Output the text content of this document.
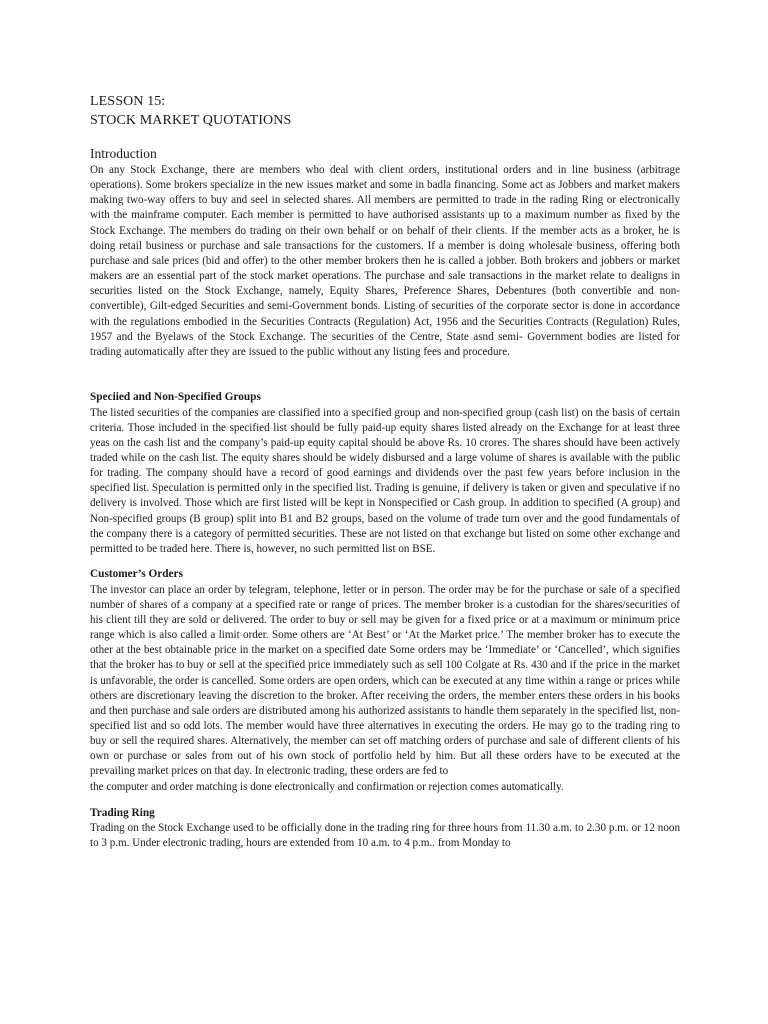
LESSON 15:
STOCK MARKET QUOTATIONS
Introduction

On any Stock Exchange, there are members who deal with client orders, institutional orders and in line business (arbitrage operations). Some brokers specialize in the new issues market and some in badla financing. Some act as Jobbers and market makers making two-way offers to buy and seel in selected shares. All members are permitted to trade in the rading Ring or electronically with the mainframe computer. Each member is permitted to have authorised assistants up to a maximum number as fixed by the Stock Exchange. The members do trading on their own behalf or on behalf of their clients. If the member acts as a broker, he is doing retail business or purchase and sale transactions for the customers. If a member is doing wholesale business, offering both purchase and sale prices (bid and offer) to the other member brokers then he is called a jobber. Both brokers and jobbers or market makers are an essential part of the stock market operations. The purchase and sale transactions in the market relate to dealigns in securities listed on the Stock Exchange, namely, Equity Shares, Preference Shares, Debentures (both convertible and non-convertible), Gilt-edged Securities and semi-Government bonds. Listing of securities of the corporate sector is done in accordance with the regulations embodied in the Securities Contracts (Regulation) Act, 1956 and the Securities Contracts (Regulation) Rules, 1957 and the Byelaws of the Stock Exchange. The securities of the Centre, State asnd semi- Government bodies are listed for trading automatically after they are issued to the public without any listing fees and procedure.

Speciied and Non-Specified Groups

The listed securities of the companies are classified into a specified group and non-specified group (cash list) on the basis of certain criteria. Those included in the specified list should be fully paid-up equity shares listed already on the Exchange for at least three yeas on the cash list and the company’s paid-up equity capital should be above Rs. 10 crores. The shares should have been actively traded while on the cash list. The equity shares should be widely disbursed and a large volume of shares is available with the public for trading. The company should have a record of good earnings and dividends over the past few years before inclusion in the specified list. Speculation is permitted only in the specified list. Trading is genuine, if delivery is taken or given and speculative if no delivery is involved. Those which are first listed will be kept in Nonspecified or Cash group. In addition to specified (A group) and Non-specified groups (B group) split into B1 and B2 groups, based on the volume of trade turn over and the good fundamentals of the company there is a category of permitted securities. These are not listed on that exchange but listed on some other exchange and permitted to be traded here. There is, however, no such permitted list on BSE.

Customer’s Orders

The investor can place an order by telegram, telephone, letter or in person. The order may be for the purchase or sale of a specified number of shares of a company at a specified rate or range of prices. The member broker is a custodian for the shares/securities of his client till they are sold or delivered. The order to buy or sell may be given for a fixed price or at a maximum or minimum price range which is also called a limit order. Some others are ‘At Best’ or ‘At the Market price.’ The member broker has to execute the other at the best obtainable price in the market on a specified date Some orders may be ‘Immediate’ or ‘Cancelled’, which signifies that the broker has to buy or sell at the specified price immediately such as sell 100 Colgate at Rs. 430 and if the price in the market is unfavorable, the order is cancelled. Some orders are open orders, which can be executed at any time within a range or prices while others are discretionary leaving the discretion to the broker. After receiving the orders, the member enters these orders in his books and then purchase and sale orders are distributed among his authorized assistants to handle them separately in the specified list, non-specified list and so odd lots. The member would have three alternatives in executing the orders. He may go to the trading ring to buy or sell the required shares. Alternatively, the member can set off matching orders of purchase and sale of different clients of his own or purchase or sales from out of his own stock of portfolio held by him. But all these orders have to be executed at the prevailing market prices on that day. In electronic trading, these orders are fed to

the computer and order matching is done electronically and confirmation or rejection comes automatically.

Trading Ring

Trading on the Stock Exchange used to be officially done in the trading ring for three hours from 11.30 a.m. to 2.30 p.m. or 12 noon to 3 p.m. Under electronic trading, hours are extended from 10 a.m. to 4 p.m.. from Monday to
